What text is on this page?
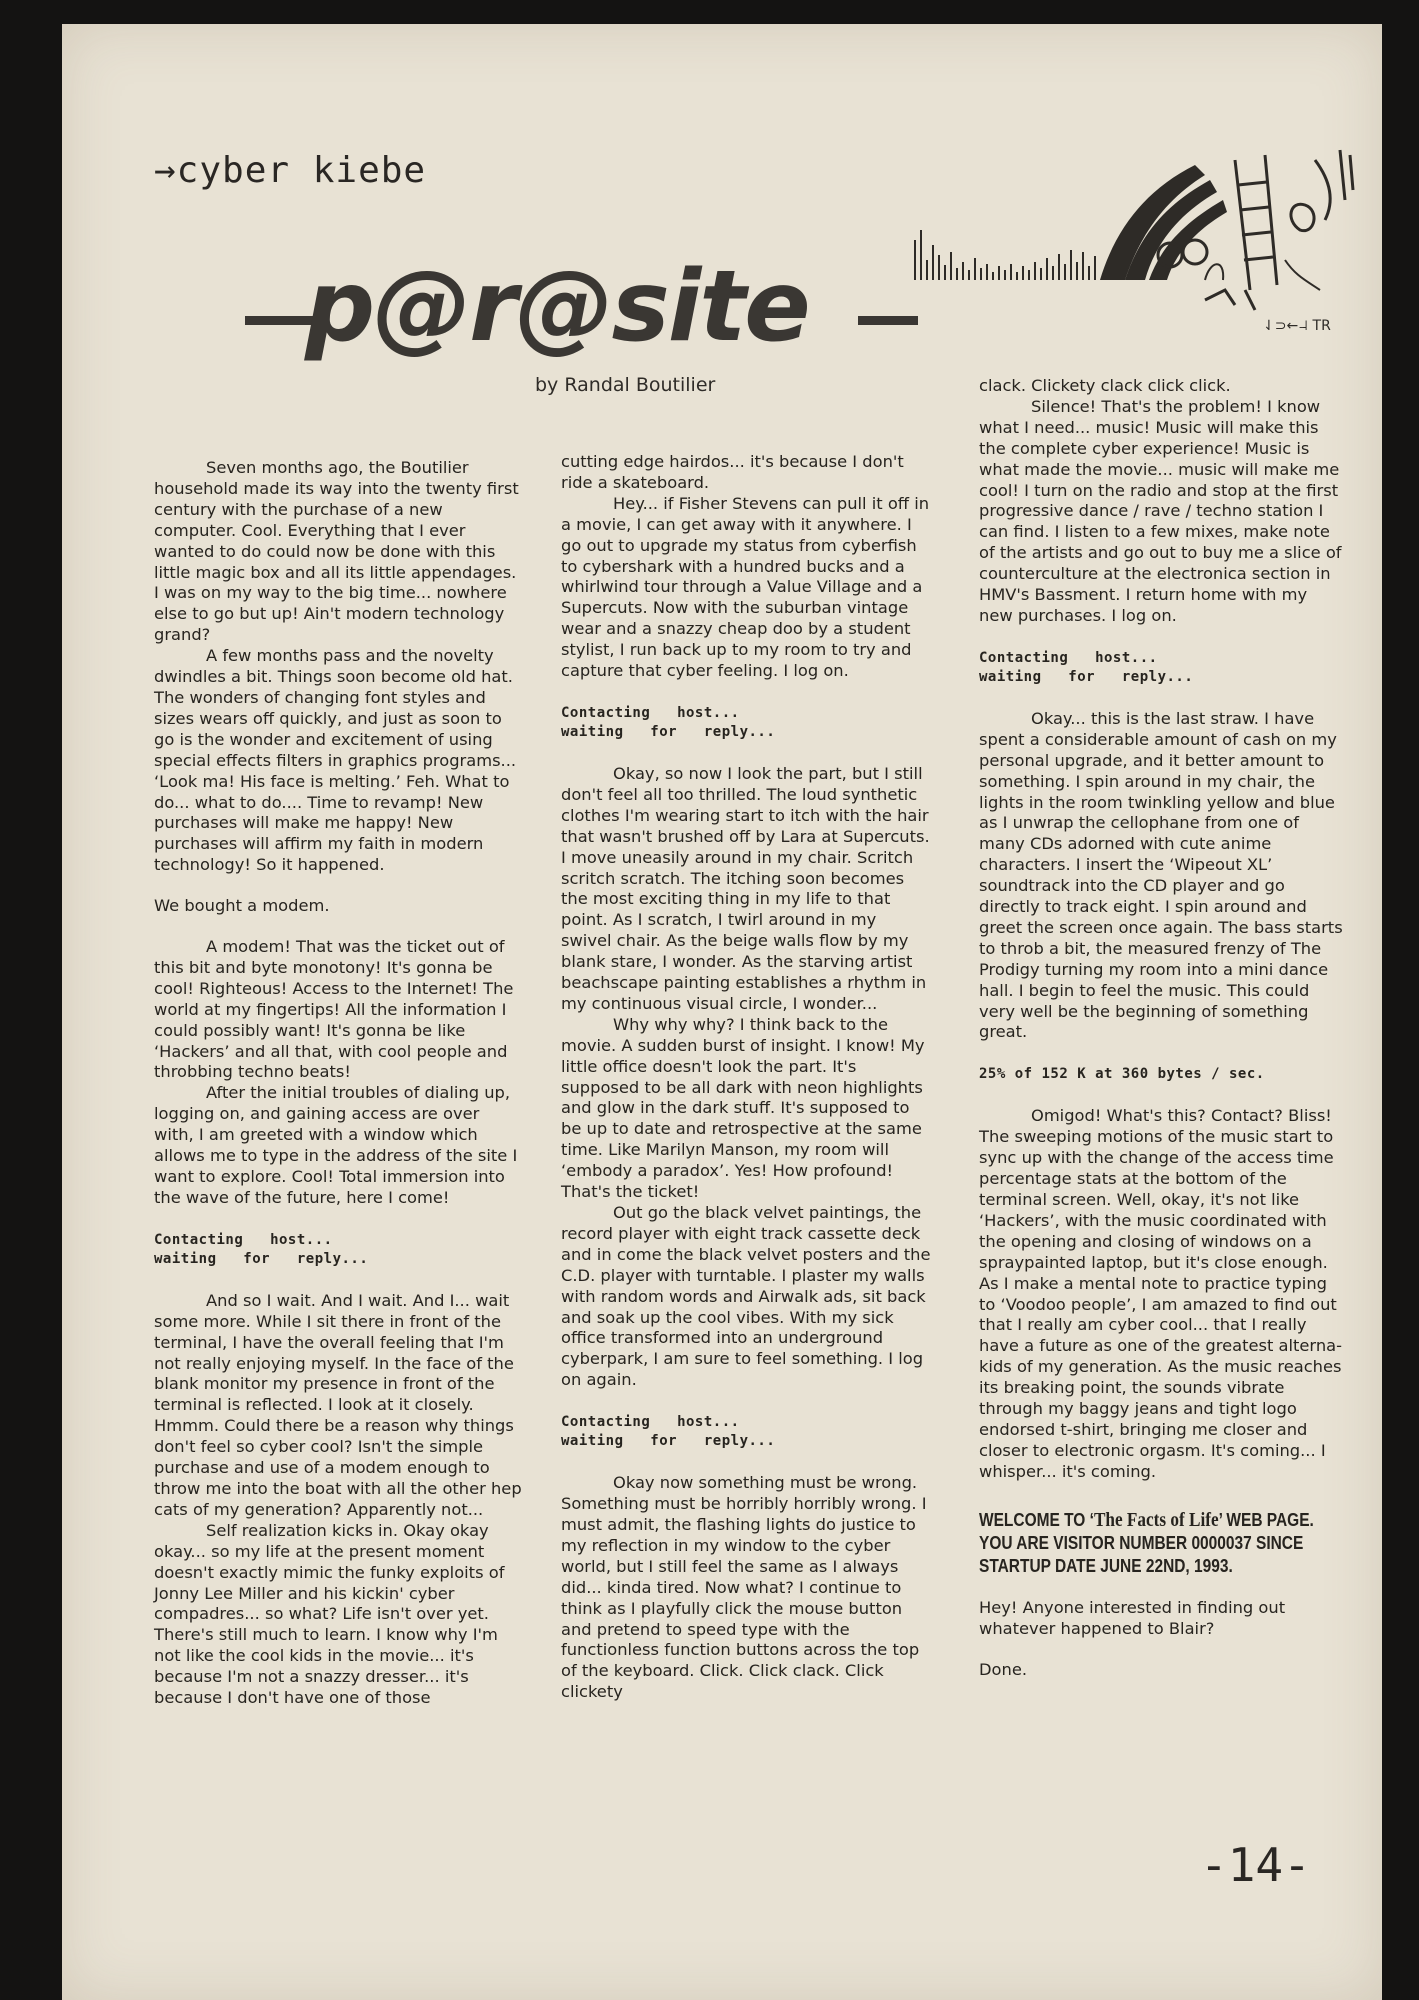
→cyber kiebe
p@r@site	⇃⊃←˨˨ TR
by Randal Boutilier

Seven months ago, the Boutilier household made its way into the twenty first century with the purchase of a new computer. Cool. Everything that I ever wanted to do could now be done with this little magic box and all its little appendages. I was on my way to the big time... nowhere else to go but up! Ain't modern technology grand?

A few months pass and the novelty dwindles a bit. Things soon become old hat. The wonders of changing font styles and sizes wears off quickly, and just as soon to go is the wonder and excitement of using special effects filters in graphics programs... ‘Look ma! His face is melting.’ Feh. What to do... what to do.... Time to revamp! New purchases will make me happy! New purchases will affirm my faith in modern technology! So it happened.

We bought a modem.

A modem! That was the ticket out of this bit and byte monotony! It's gonna be cool! Righteous! Access to the Internet! The world at my fingertips! All the information I could possibly want! It's gonna be like ‘Hackers’ and all that, with cool people and throbbing techno beats!

After the initial troubles of dialing up, logging on, and gaining access are over with, I am greeted with a window which allows me to type in the address of the site I want to explore. Cool! Total immersion into the wave of the future, here I come!

Contacting   host...
waiting   for   reply...

And so I wait. And I wait. And I... wait some more. While I sit there in front of the terminal, I have the overall feeling that I'm not really enjoying myself. In the face of the blank monitor my presence in front of the terminal is reflected. I look at it closely. Hmmm. Could there be a reason why things don't feel so cyber cool? Isn't the simple purchase and use of a modem enough to throw me into the boat with all the other hep cats of my generation? Apparently not...

Self realization kicks in. Okay okay okay... so my life at the present moment doesn't exactly mimic the funky exploits of Jonny Lee Miller and his kickin' cyber compadres... so what? Life isn't over yet. There's still much to learn. I know why I'm not like the cool kids in the movie... it's because I'm not a snazzy dresser... it's because I don't have one of those

cutting edge hairdos... it's because I don't ride a skateboard.

Hey... if Fisher Stevens can pull it off in a movie, I can get away with it anywhere. I go out to upgrade my status from cyberfish to cybershark with a hundred bucks and a whirlwind tour through a Value Village and a Supercuts. Now with the suburban vintage wear and a snazzy cheap doo by a student stylist, I run back up to my room to try and capture that cyber feeling. I log on.

Contacting   host...
waiting   for   reply...

Okay, so now I look the part, but I still don't feel all too thrilled. The loud synthetic clothes I'm wearing start to itch with the hair that wasn't brushed off by Lara at Supercuts. I move uneasily around in my chair. Scritch scritch scratch. The itching soon becomes the most exciting thing in my life to that point. As I scratch, I twirl around in my swivel chair. As the beige walls flow by my blank stare, I wonder. As the starving artist beachscape painting establishes a rhythm in my continuous visual circle, I wonder...

Why why why? I think back to the movie. A sudden burst of insight. I know! My little office doesn't look the part. It's supposed to be all dark with neon highlights and glow in the dark stuff. It's supposed to be up to date and retrospective at the same time. Like Marilyn Manson, my room will ‘embody a paradox’. Yes! How profound! That's the ticket!

Out go the black velvet paintings, the record player with eight track cassette deck and in come the black velvet posters and the C.D. player with turntable. I plaster my walls with random words and Airwalk ads, sit back and soak up the cool vibes. With my sick office transformed into an underground cyberpark, I am sure to feel something. I log on again.

Contacting   host...
waiting   for   reply...

Okay now something must be wrong. Something must be horribly horribly wrong. I must admit, the flashing lights do justice to my reflection in my window to the cyber world, but I still feel the same as I always did... kinda tired. Now what? I continue to think as I playfully click the mouse button and pretend to speed type with the functionless function buttons across the top of the keyboard. Click. Click clack. Click clickety

clack. Clickety clack click click.

Silence! That's the problem! I know what I need... music! Music will make this the complete cyber experience! Music is what made the movie... music will make me cool! I turn on the radio and stop at the first progressive dance / rave / techno station I can find. I listen to a few mixes, make note of the artists and go out to buy me a slice of counterculture at the electronica section in HMV's Bassment. I return home with my new purchases. I log on.

Contacting   host...
waiting   for   reply...

Okay... this is the last straw. I have spent a considerable amount of cash on my personal upgrade, and it better amount to something. I spin around in my chair, the lights in the room twinkling yellow and blue as I unwrap the cellophane from one of many CDs adorned with cute anime characters. I insert the ‘Wipeout XL’ soundtrack into the CD player and go directly to track eight. I spin around and greet the screen once again. The bass starts to throb a bit, the measured frenzy of The Prodigy turning my room into a mini dance hall. I begin to feel the music. This could very well be the beginning of something great.

25% of 152 K at 360 bytes / sec.

Omigod! What's this? Contact? Bliss! The sweeping motions of the music start to sync up with the change of the access time percentage stats at the bottom of the terminal screen. Well, okay, it's not like ‘Hackers’, with the music coordinated with the opening and closing of windows on a spraypainted laptop, but it's close enough. As I make a mental note to practice typing to ‘Voodoo people’, I am amazed to find out that I really am cyber cool... that I really have a future as one of the greatest alterna-kids of my generation. As the music reaches its breaking point, the sounds vibrate through my baggy jeans and tight logo endorsed t-shirt, bringing me closer and closer to electronic orgasm. It's coming... I whisper... it's coming.

WELCOME TO ‘The Facts of Life’ WEB PAGE. YOU ARE VISITOR NUMBER 0000037 SINCE STARTUP DATE JUNE 22ND, 1993.

Hey! Anyone interested in finding out whatever happened to Blair?

Done.

-14-
